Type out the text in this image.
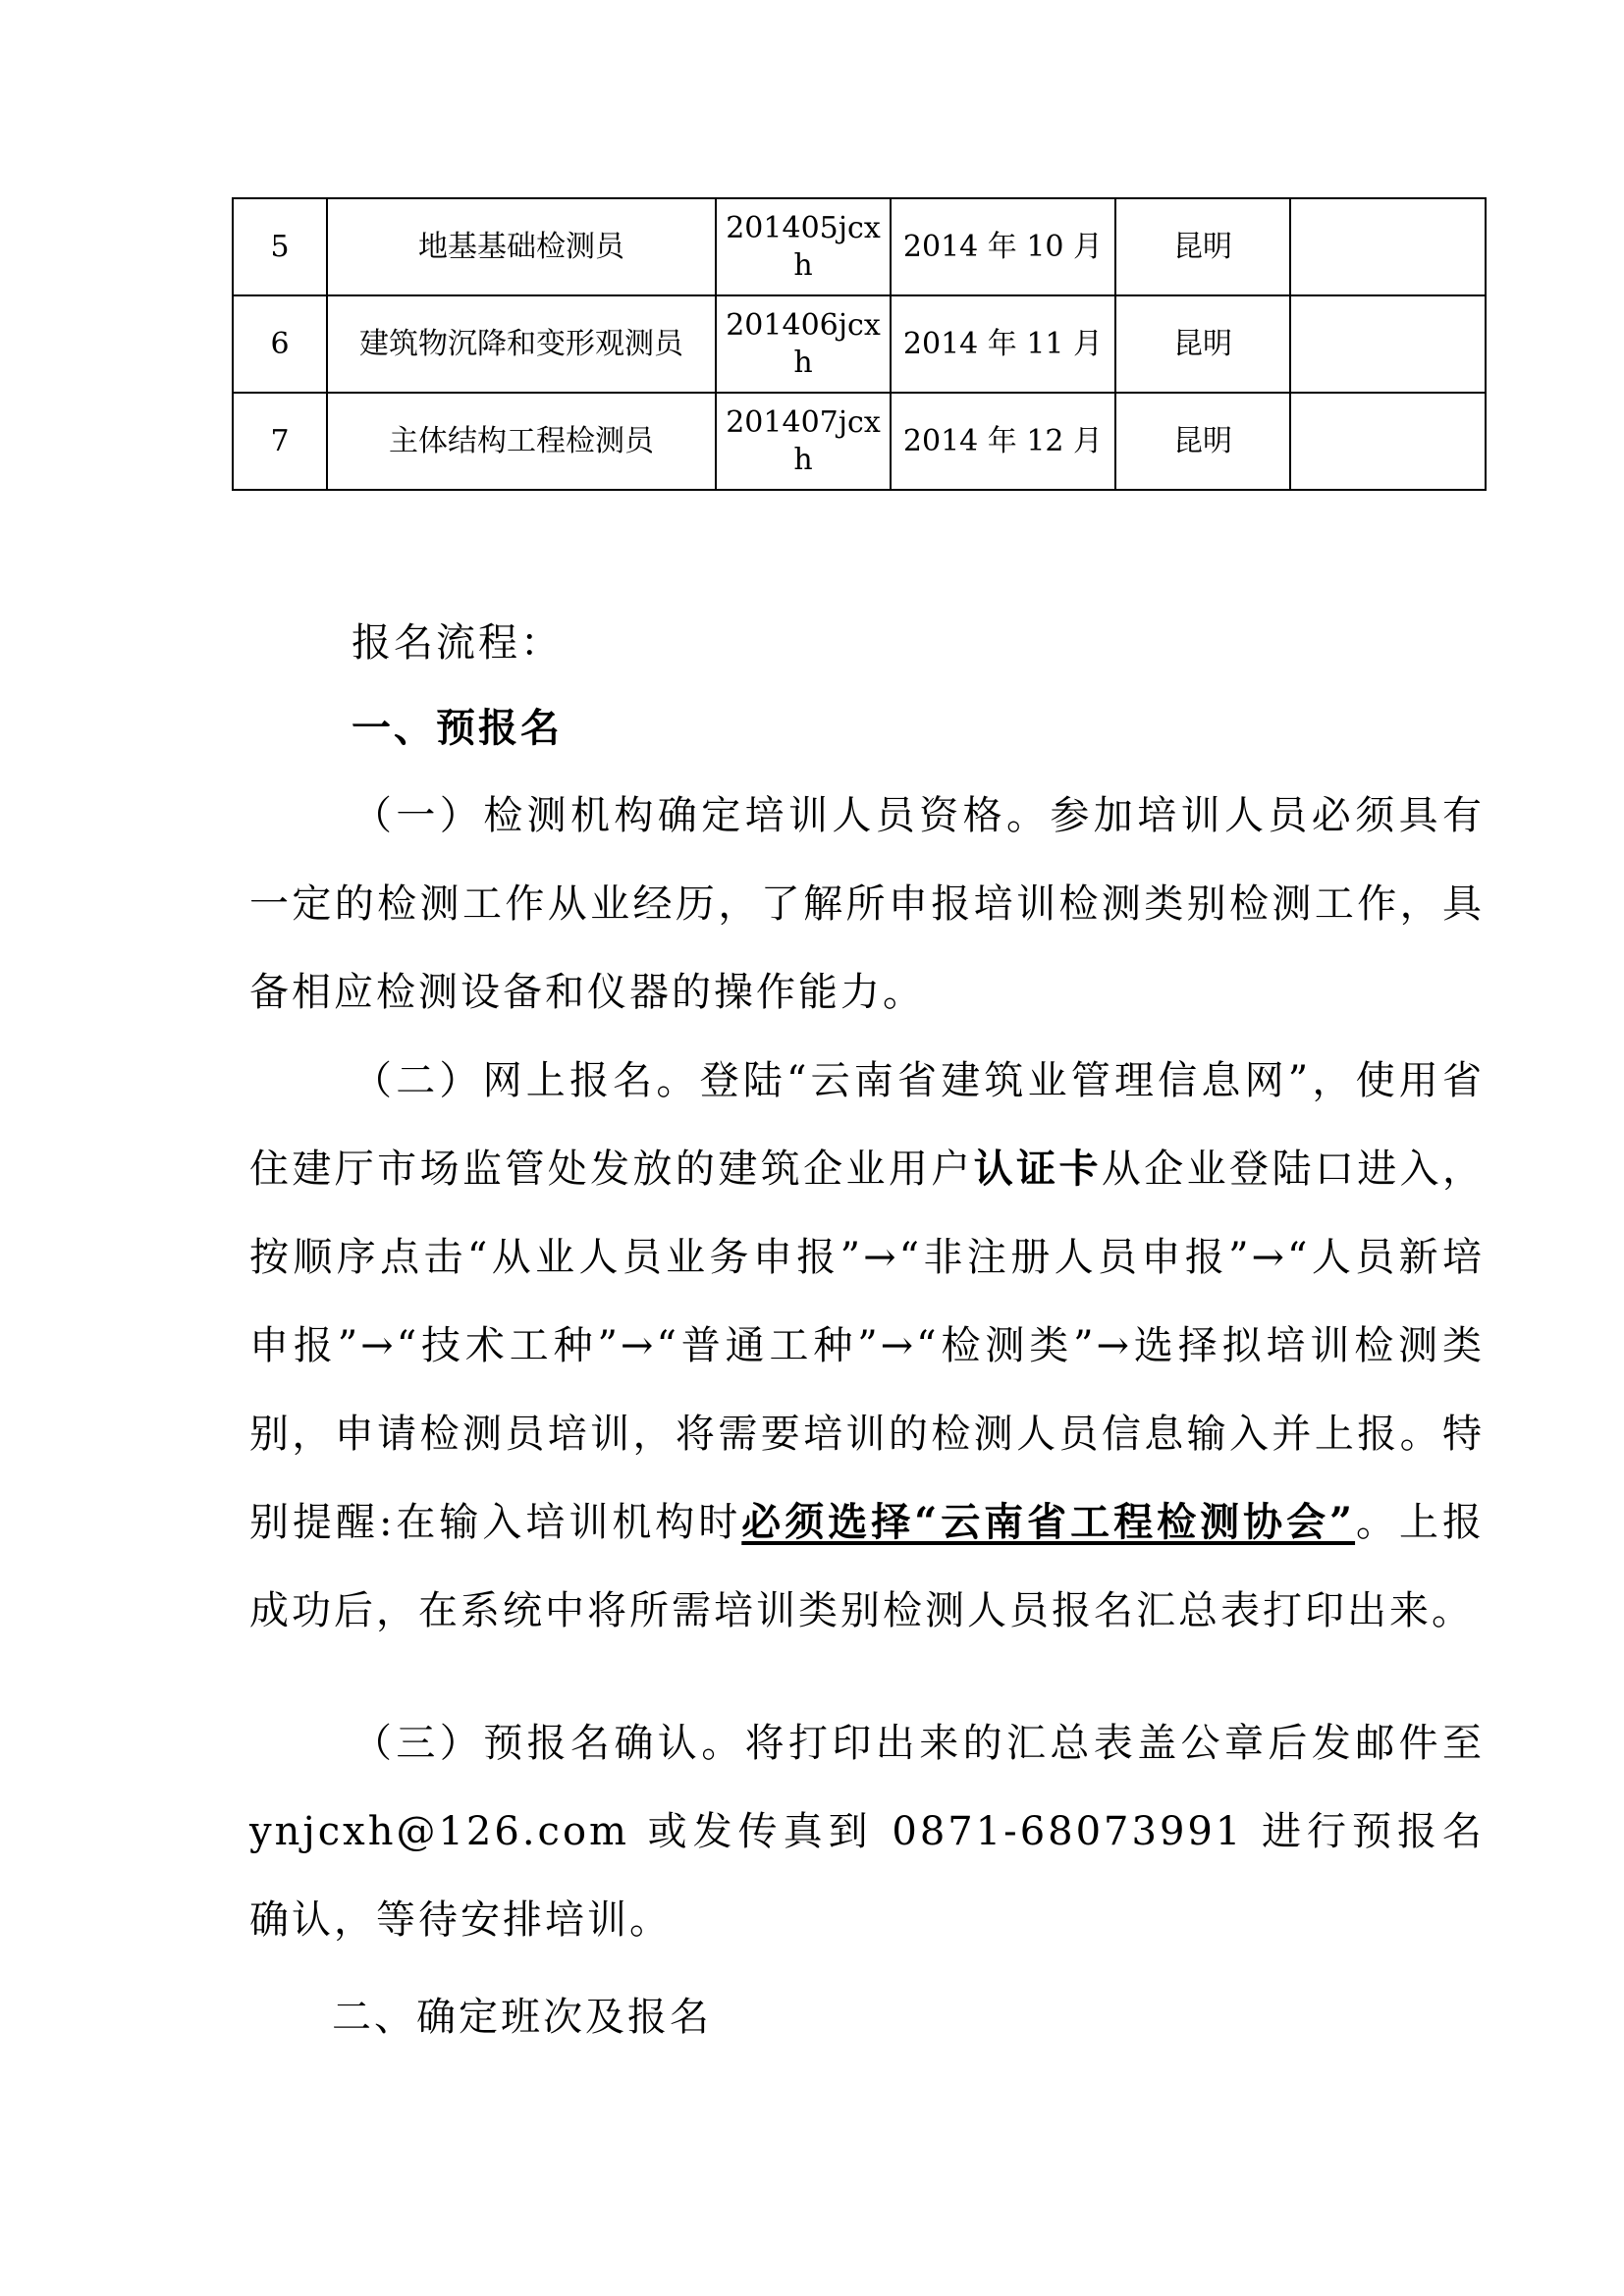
5	地基基础检测员	201405jcxh	2014 年 10 月	昆明	
6	建筑物沉降和变形观测员	201406jcxh	2014 年 11 月	昆明	
7	主体结构工程检测员	201407jcxh	2014 年 12 月	昆明	
报名流程：
一、预报名
（一）检测机构确定培训人员资格。参加培训人员必须具有一定的检测工作从业经历，了解所申报培训检测类别检测工作，具备相应检测设备和仪器的操作能力。
（二）网上报名。登陆“云南省建筑业管理信息网”，使用省住建厅市场监管处发放的建筑企业用户认证卡从企业登陆口进入，按顺序点击“从业人员业务申报”→“非注册人员申报”→“人员新培申报”→“技术工种”→“普通工种”→“检测类”→选择拟培训检测类别，申请检测员培训，将需要培训的检测人员信息输入并上报。特别提醒:在输入培训机构时必须选择“云南省工程检测协会”。上报成功后，在系统中将所需培训类别检测人员报名汇总表打印出来。
（三）预报名确认。将打印出来的汇总表盖公章后发邮件至ynjcxh@126.com 或发传真到 0871-68073991 进行预报名确认，等待安排培训。
二、确定班次及报名
